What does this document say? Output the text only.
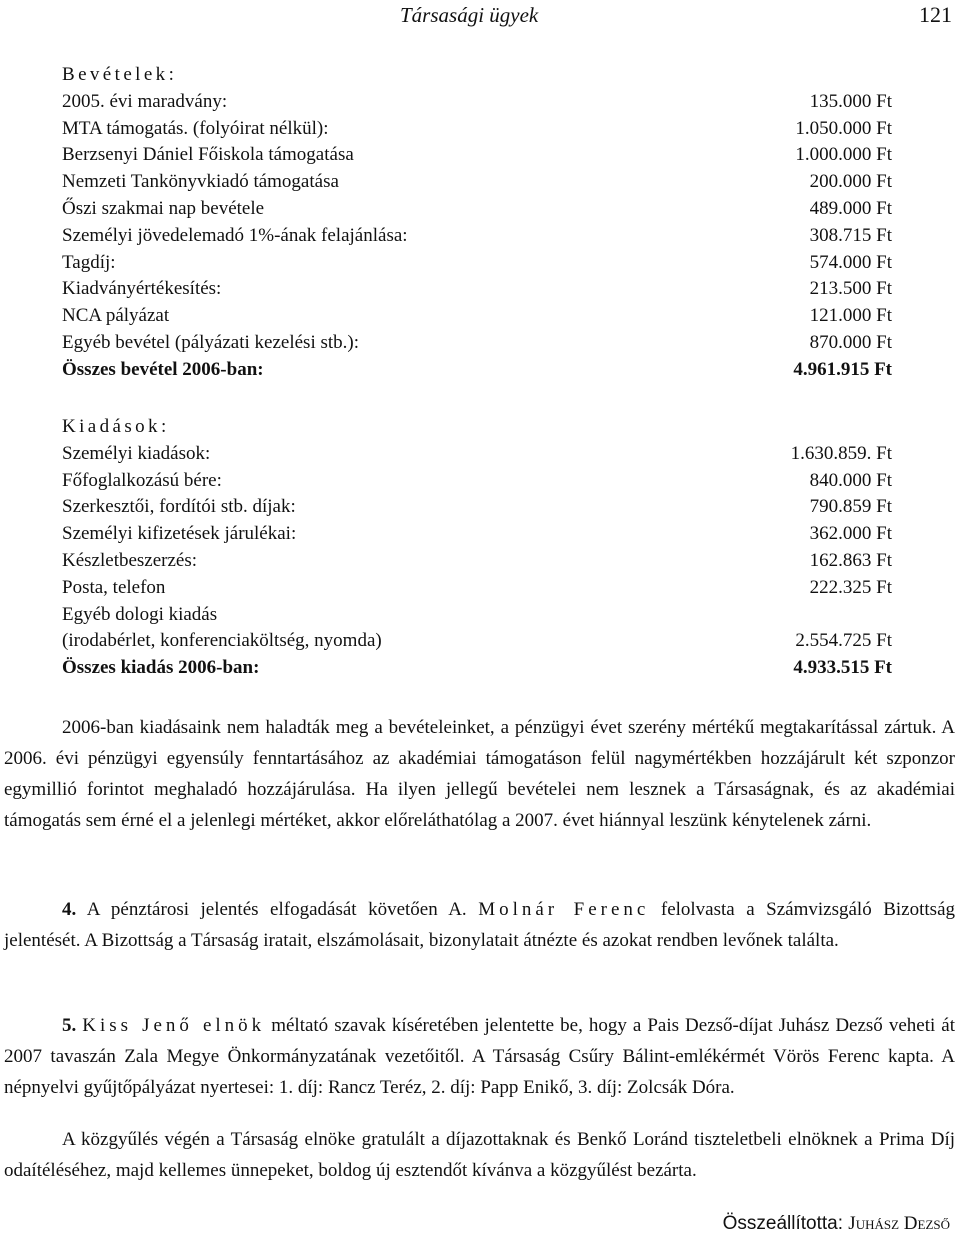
Társasági ügyek	121
Bevételek:
2005. évi maradvány:	135.000 Ft
MTA támogatás. (folyóirat nélkül):	1.050.000 Ft
Berzsenyi Dániel Főiskola támogatása	1.000.000 Ft
Nemzeti Tankönyvkiadó támogatása	200.000 Ft
Őszi szakmai nap bevétele	489.000 Ft
Személyi jövedelemadó 1%-ának felajánlása:	308.715 Ft
Tagdíj:	574.000 Ft
Kiadványértékesítés:	213.500 Ft
NCA pályázat	121.000 Ft
Egyéb bevétel (pályázati kezelési stb.):	870.000 Ft
Összes bevétel 2006-ban:	4.961.915 Ft
Kiadások:
Személyi kiadások:	1.630.859. Ft
Főfoglalkozású bére:	840.000 Ft
Szerkesztői, fordítói stb. díjak:	790.859 Ft
Személyi kifizetések járulékai:	362.000 Ft
Készletbeszerzés:	162.863 Ft
Posta, telefon	222.325 Ft
Egyéb dologi kiadás
(irodabérlet, konferenciaköltség, nyomda)	2.554.725 Ft
Összes kiadás 2006-ban:	4.933.515 Ft

2006-ban kiadásaink nem haladták meg a bevételeinket, a pénzügyi évet szerény mértékű megtakarítással zártuk. A 2006. évi pénzügyi egyensúly fenntartásához az akadémiai támogatáson felül nagymértékben hozzájárult két szponzor egymillió forintot meghaladó hozzájárulása. Ha ilyen jellegű bevételei nem lesznek a Társaságnak, és az akadémiai támogatás sem érné el a jelenlegi mértéket, akkor előreláthatólag a 2007. évet hiánnyal leszünk kénytelenek zárni.

4. A pénztárosi jelentés elfogadását követően A. Molnár Ferenc felolvasta a Számvizsgáló Bizottság jelentését. A Bizottság a Társaság iratait, elszámolásait, bizonylatait átnézte és azokat rendben levőnek találta.

5. Kiss Jenő elnök méltató szavak kíséretében jelentette be, hogy a Pais Dezső-díjat Juhász Dezső veheti át 2007 tavaszán Zala Megye Önkormányzatának vezetőitől. A Társaság Csűry Bálint-emlékérmét Vörös Ferenc kapta. A népnyelvi gyűjtőpályázat nyertesei: 1. díj: Rancz Teréz, 2. díj: Papp Enikő, 3. díj: Zolcsák Dóra.

A közgyűlés végén a Társaság elnöke gratulált a díjazottaknak és Benkő Loránd tiszteletbeli elnöknek a Prima Díj odaítéléséhez, majd kellemes ünnepeket, boldog új esztendőt kívánva a közgyűlést bezárta.

Összeállította: Juhász Dezső
